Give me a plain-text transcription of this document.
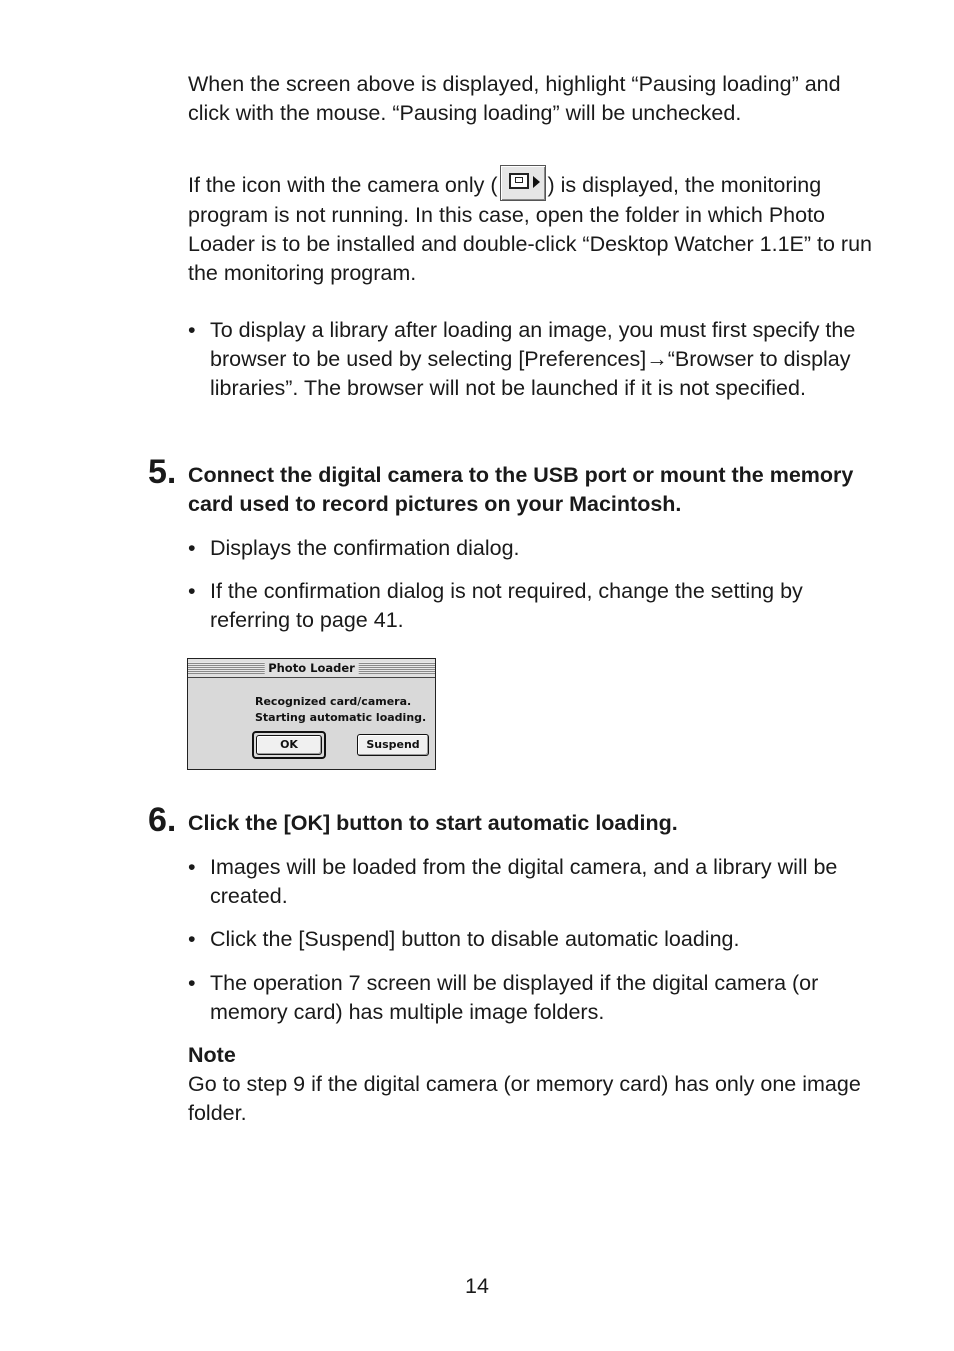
When the screen above is displayed, highlight “Pausing loading” and click with the mouse. “Pausing loading” will be unchecked.

If the icon with the camera only ( ) is displayed, the monitoring program is not running. In this case, open the folder in which Photo Loader is to be installed and double-click “Desktop Watcher 1.1E” to run the monitoring program.

• To display a library after loading an image, you must first specify the browser to be used by selecting [Preferences]→“Browser to display libraries”. The browser will not be launched if it is not specified.
5. Connect the digital camera to the USB port or mount the memory card used to record pictures on your Macintosh.
• Displays the confirmation dialog.
• If the confirmation dialog is not required, change the setting by referring to page 41.
Photo Loader
Recognized card/camera.
Starting automatic loading.
OK	Suspend
6. Click the [OK] button to start automatic loading.
• Images will be loaded from the digital camera, and a library will be created.
• Click the [Suspend] button to disable automatic loading.
• The operation 7 screen will be displayed if the digital camera (or memory card) has multiple image folders.
Note

Go to step 9 if the digital camera (or memory card) has only one image folder.

14
